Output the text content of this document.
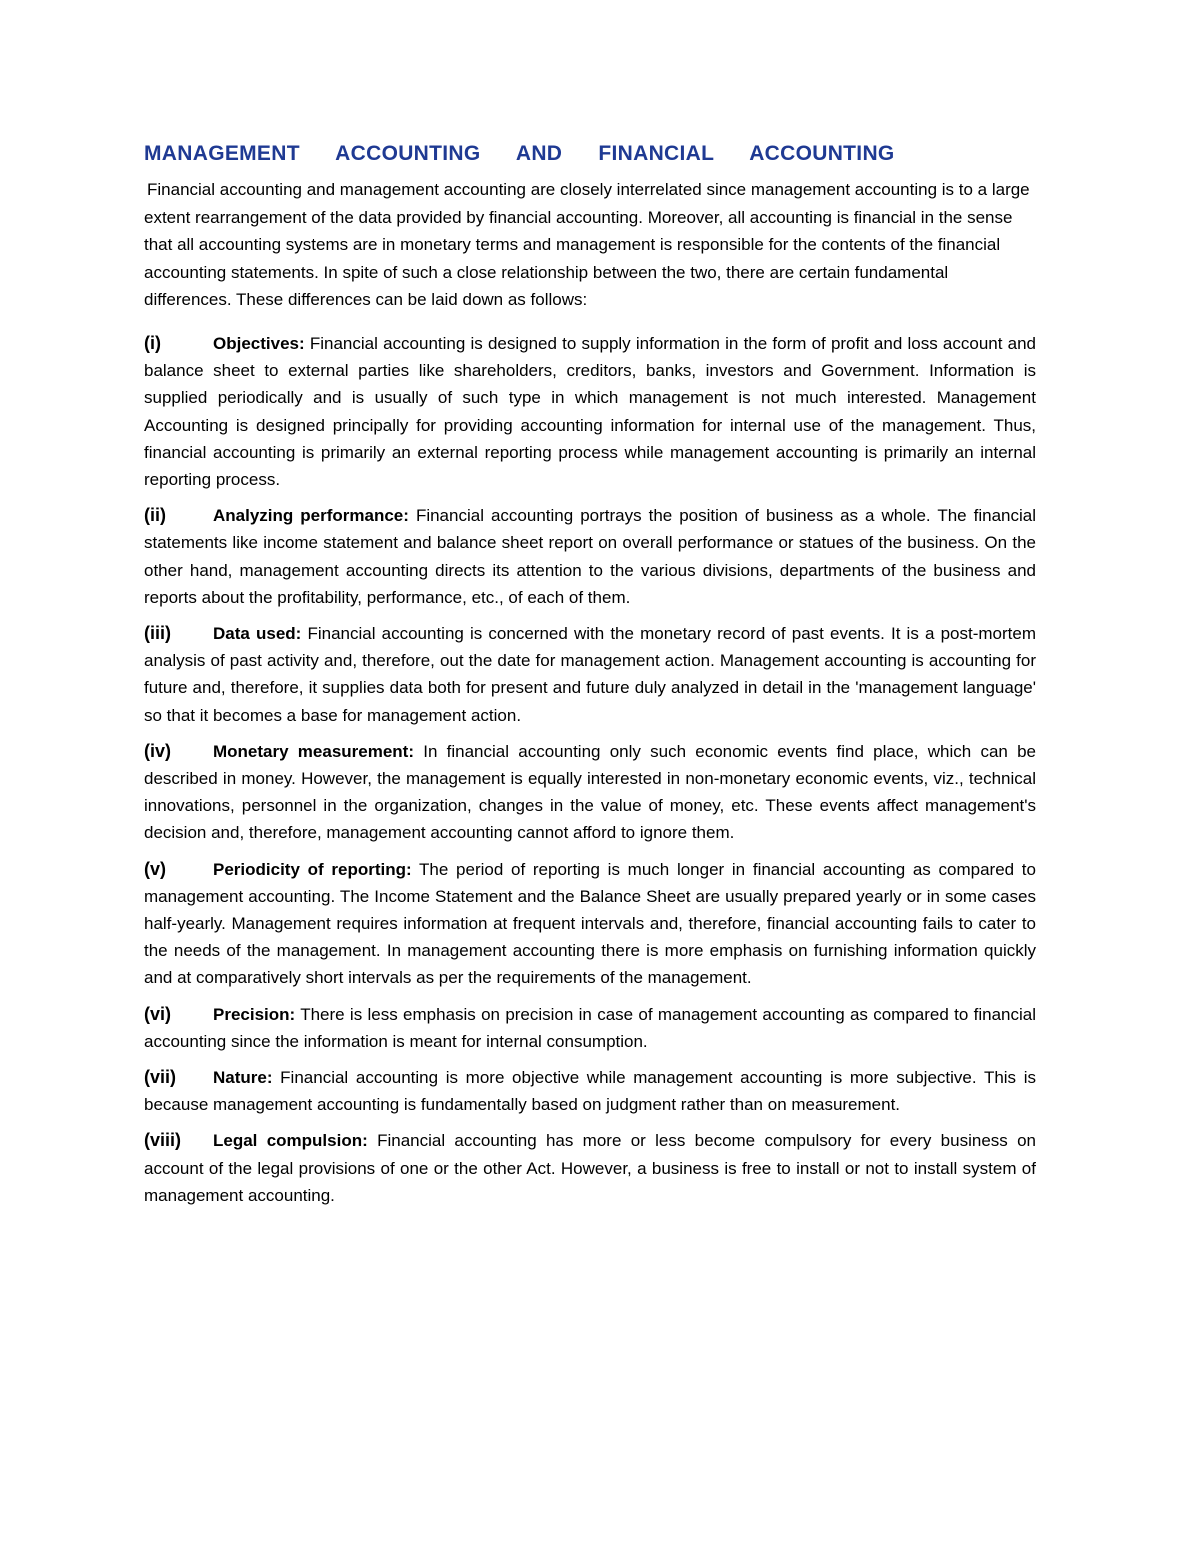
MANAGEMENT ACCOUNTING AND FINANCIAL ACCOUNTING

Financial accounting and management accounting are closely interrelated since management accounting is to a large extent rearrangement of the data provided by financial accounting. Moreover, all accounting is financial in the sense that all accounting systems are in monetary terms and management is responsible for the contents of the financial accounting statements. In spite of such a close relationship between the two, there are certain fundamental differences. These differences can be laid down as follows:

(i)	Objectives: Financial accounting is designed to supply information in the form of profit and loss account and balance sheet to external parties like shareholders, creditors, banks, investors and Government. Information is supplied periodically and is usually of such type in which management is not much interested. Management Accounting is designed principally for providing accounting information for internal use of the management. Thus, financial accounting is primarily an external reporting process while management accounting is primarily an internal reporting process.

(ii)	Analyzing performance: Financial accounting portrays the position of business as a whole. The financial statements like income statement and balance sheet report on overall performance or statues of the business. On the other hand, management accounting directs its attention to the various divisions, departments of the business and reports about the profitability, performance, etc., of each of them.

(iii) Data used: Financial accounting is concerned with the monetary record of past events. It is a post-mortem analysis of past activity and, therefore, out the date for management action. Management accounting is accounting for future and, therefore, it supplies data both for present and future duly analyzed in detail in the 'management language' so that it becomes a base for management action.

(iv) Monetary measurement: In financial accounting only such economic events find place, which can be described in money. However, the management is equally interested in non-monetary economic events, viz., technical innovations, personnel in the organization, changes in the value of money, etc. These events affect management's decision and, therefore, management accounting cannot afford to ignore them.

(v)	Periodicity of reporting: The period of reporting is much longer in financial accounting as compared to management accounting. The Income Statement and the Balance Sheet are usually prepared yearly or in some cases half-yearly. Management requires information at frequent intervals and, therefore, financial accounting fails to cater to the needs of the management. In management accounting there is more emphasis on furnishing information quickly and at comparatively short intervals as per the requirements of the management.

(vi) Precision: There is less emphasis on precision in case of management accounting as compared to financial accounting since the information is meant for internal consumption.

(vii) Nature: Financial accounting is more objective while management accounting is more subjective. This is because management accounting is fundamentally based on judgment rather than on measurement.

(viii) Legal compulsion: Financial accounting has more or less become compulsory for every business on account of the legal provisions of one or the other Act. However, a business is free to install or not to install system of management accounting.
